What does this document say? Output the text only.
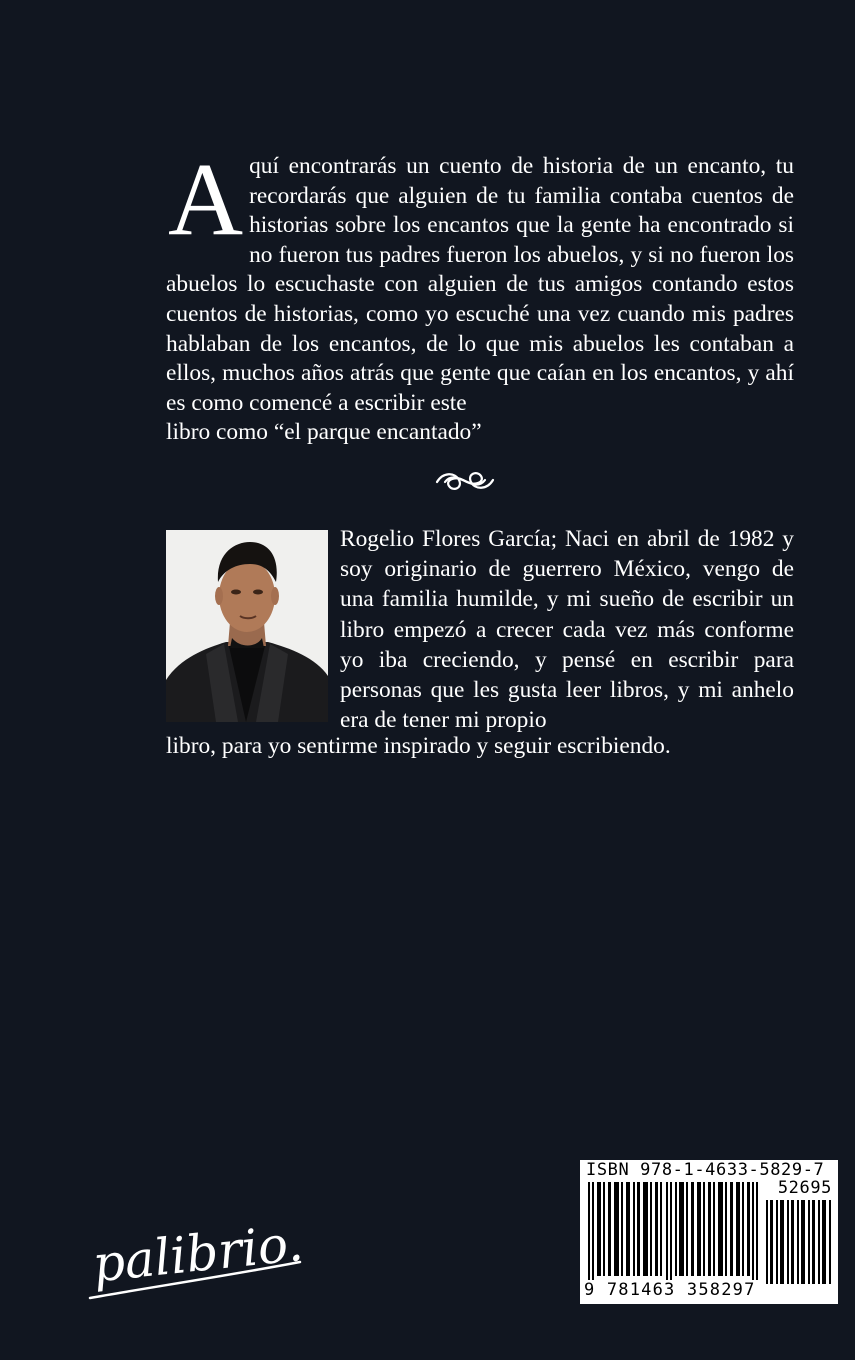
Aquí encontrarás un cuento de historia de un encanto, tu recordarás que alguien de tu familia contaba cuentos de historias sobre los encantos que la gente ha encontrado si no fueron tus padres fueron los abuelos, y si no fueron los abuelos lo escuchaste con alguien de tus amigos contando estos cuentos de historias, como yo escuché una vez cuando mis padres hablaban de los encantos, de lo que mis abuelos les contaban a ellos, muchos años atrás que gente que caían en los encantos, y ahí es como comencé a escribir este
libro como “el parque encantado”
Rogelio Flores García; Naci en abril de 1982 y soy originario de guerrero México, vengo de una familia humilde, y mi sueño de escribir un libro empezó a crecer cada vez más conforme yo iba creciendo, y pensé en escribir para personas que les gusta leer libros, y mi anhelo era de tener mi propio
libro, para yo sentirme inspirado y seguir escribiendo.
palibrio.
ISBN 978-1-4633-5829-7
52695
9 781463 358297
